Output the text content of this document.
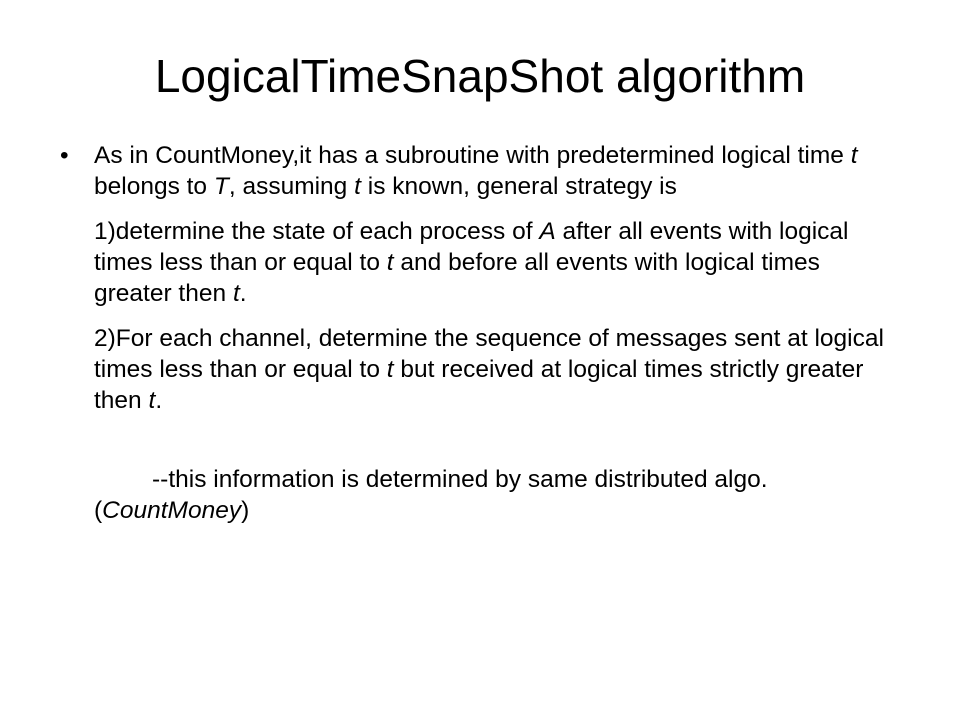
LogicalTimeSnapShot algorithm
• As in CountMoney,it has a subroutine with predetermined logical time t belongs to T, assuming t is known, general strategy is
1)determine the state of each process of A after all events with logical times less than or equal to t and before all events with logical times greater then t.
2)For each channel, determine the sequence of messages sent at logical times less than or equal to t but received at logical times strictly greater then t.
--this information is determined by same distributed algo. (CountMoney)
